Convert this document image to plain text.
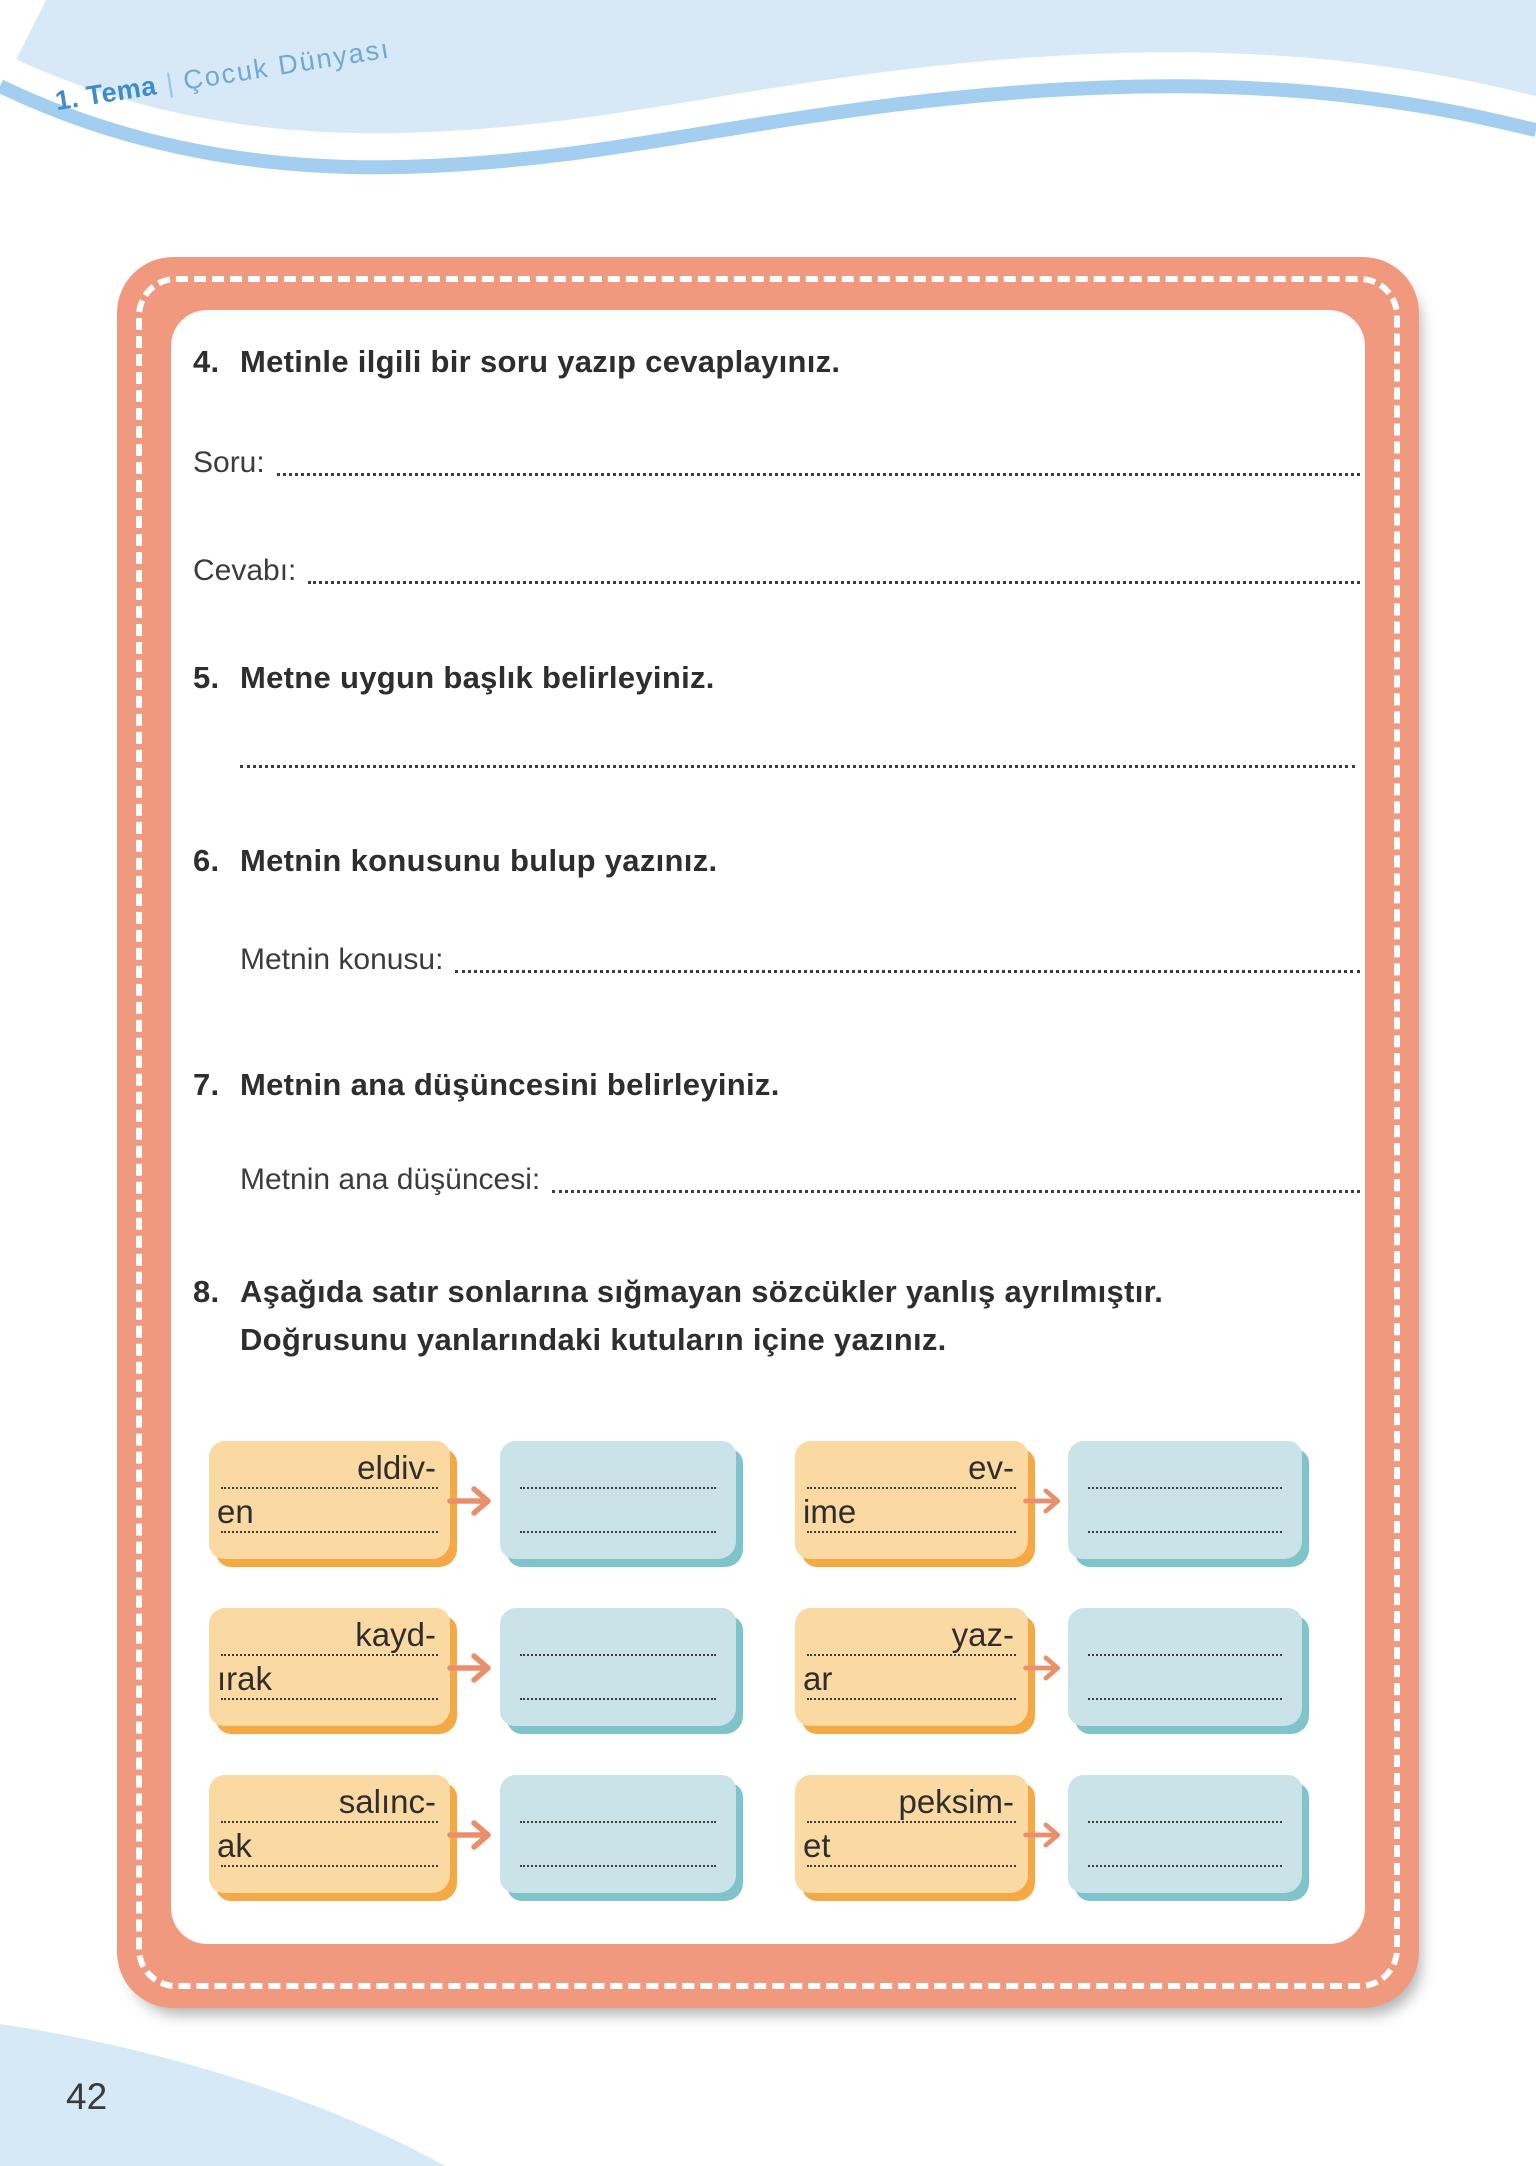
1. Tema | Çocuk Dünyası
4. Metinle ilgili bir soru yazıp cevaplayınız.
Soru:
Cevabı:
5. Metne uygun başlık belirleyiniz.
6. Metnin konusunu bulup yazınız.
Metnin konusu:
7. Metnin ana düşüncesini belirleyiniz.
Metnin ana düşüncesi:
8. Aşağıda satır sonlarına sığmayan sözcükler yanlış ayrılmıştır.
Doğrusunu yanlarındaki kutuların içine yazınız.
eldiv-
en
ev-
ime
kayd-
ırak
yaz-
ar
salınc-
ak
peksim-
et
42
